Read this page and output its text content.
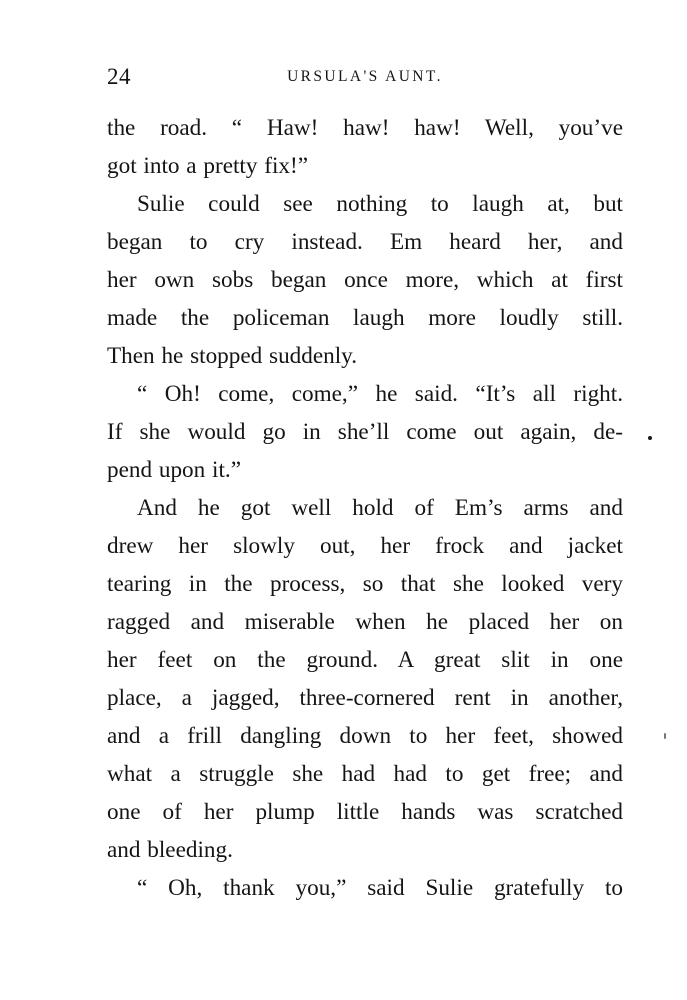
24	URSULA'S AUNT.
the road. “ Haw! haw! haw! Well, you’ve
got into a pretty fix!”
Sulie could see nothing to laugh at, but
began to cry instead. Em heard her, and
her own sobs began once more, which at first
made the policeman laugh more loudly still.
Then he stopped suddenly.
“ Oh! come, come,” he said. “It’s all right.
If she would go in she’ll come out again, de-
pend upon it.”
And he got well hold of Em’s arms and
drew her slowly out, her frock and jacket
tearing in the process, so that she looked very
ragged and miserable when he placed her on
her feet on the ground. A great slit in one
place, a jagged, three-cornered rent in another,
and a frill dangling down to her feet, showed
what a struggle she had had to get free; and
one of her plump little hands was scratched
and bleeding.
“ Oh, thank you,” said Sulie gratefully to
